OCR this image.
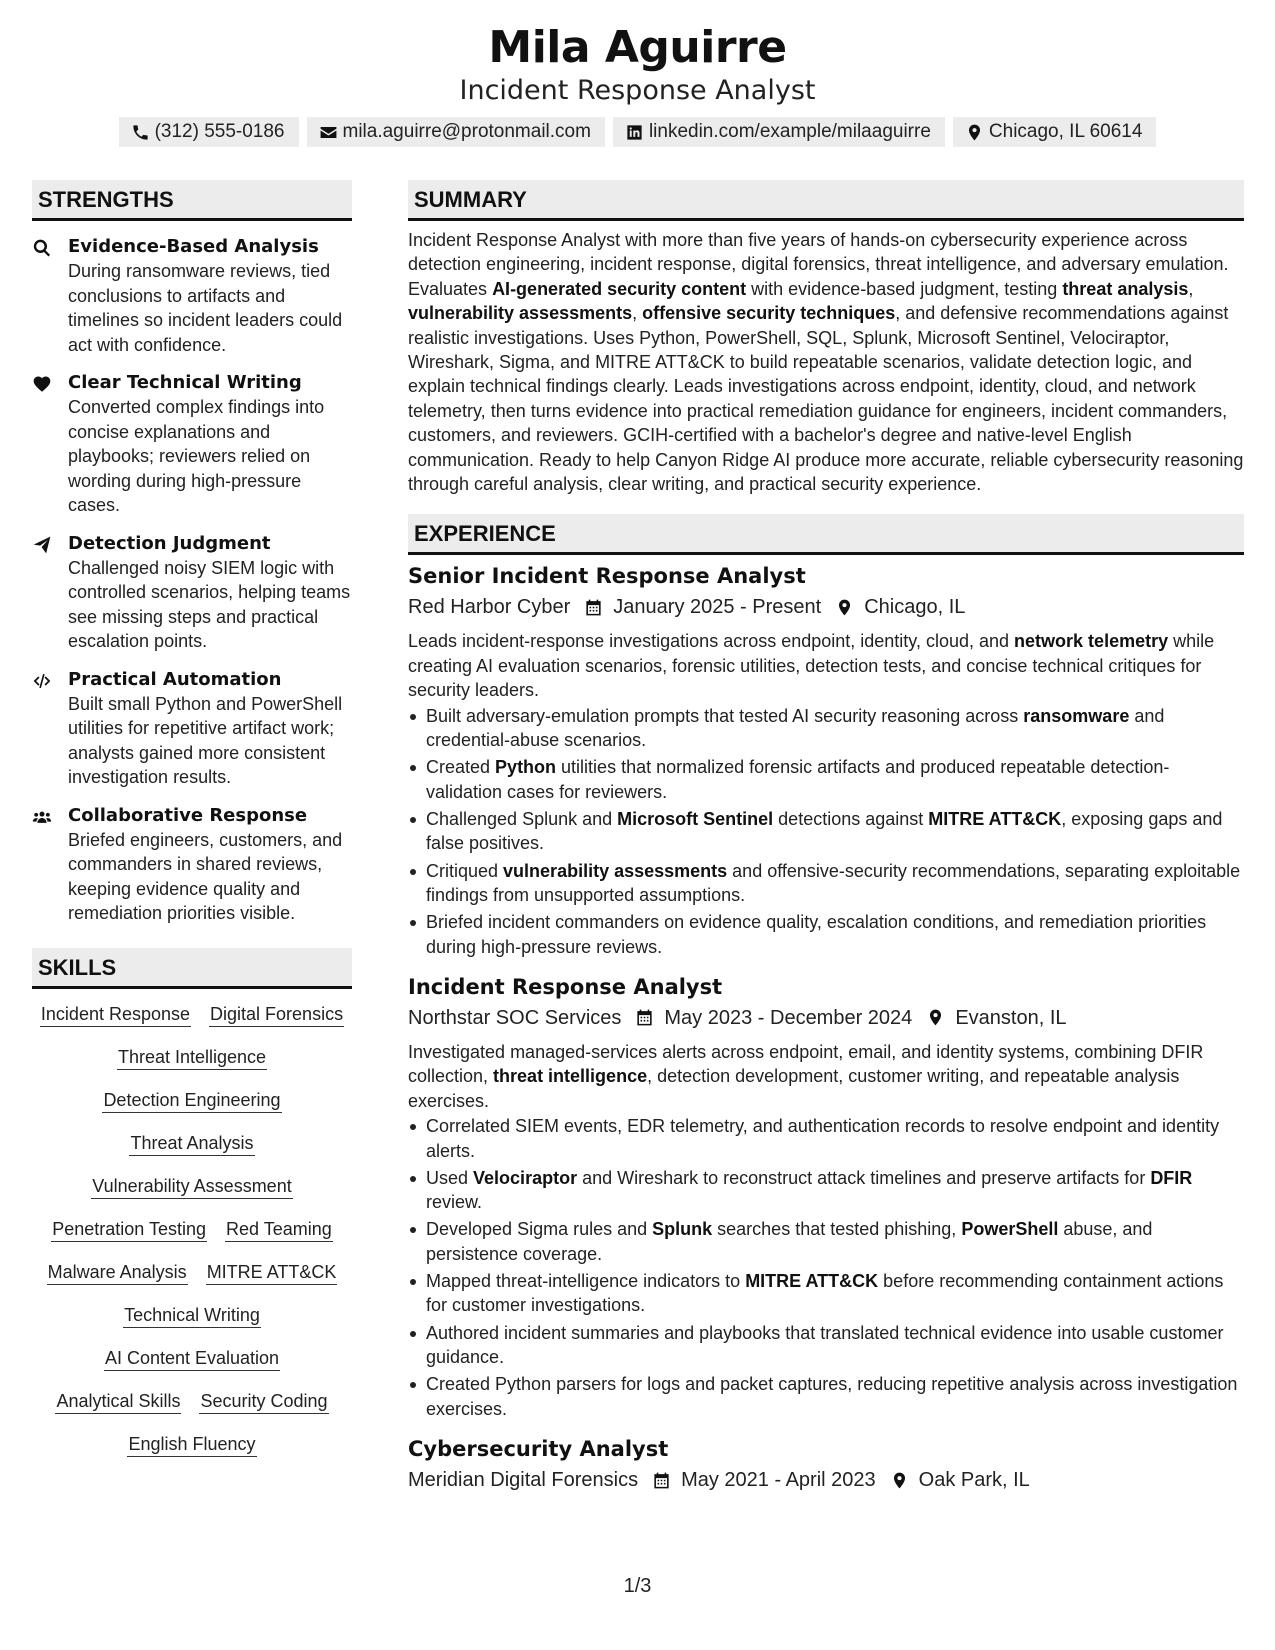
Mila Aguirre
Incident Response Analyst
(312) 555-0186	mila.aguirre@protonmail.com	linkedin.com/example/milaaguirre	Chicago, IL 60614
STRENGTHS
Evidence-Based Analysis
During ransomware reviews, tied conclusions to artifacts and timelines so incident leaders could act with confidence.
Clear Technical Writing
Converted complex findings into concise explanations and playbooks; reviewers relied on wording during high-pressure cases.
Detection Judgment
Challenged noisy SIEM logic with controlled scenarios, helping teams see missing steps and practical escalation points.
Practical Automation
Built small Python and PowerShell utilities for repetitive artifact work; analysts gained more consistent investigation results.
Collaborative Response
Briefed engineers, customers, and commanders in shared reviews, keeping evidence quality and remediation priorities visible.
SKILLS
Incident Response Digital Forensics
Threat Intelligence
Detection Engineering
Threat Analysis
Vulnerability Assessment
Penetration Testing Red Teaming
Malware Analysis MITRE ATT&CK
Technical Writing
AI Content Evaluation
Analytical Skills Security Coding
English Fluency
SUMMARY

Incident Response Analyst with more than five years of hands-on cybersecurity experience across detection engineering, incident response, digital forensics, threat intelligence, and adversary emulation. Evaluates AI-generated security content with evidence-based judgment, testing threat analysis, vulnerability assessments, offensive security techniques, and defensive recommendations against realistic investigations. Uses Python, PowerShell, SQL, Splunk, Microsoft Sentinel, Velociraptor, Wireshark, Sigma, and MITRE ATT&CK to build repeatable scenarios, validate detection logic, and explain technical findings clearly. Leads investigations across endpoint, identity, cloud, and network telemetry, then turns evidence into practical remediation guidance for engineers, incident commanders, customers, and reviewers. GCIH-certified with a bachelor's degree and native-level English communication. Ready to help Canyon Ridge AI produce more accurate, reliable cybersecurity reasoning through careful analysis, clear writing, and practical security experience.

EXPERIENCE
Senior Incident Response Analyst
Red Harbor Cyber January 2025 - Present Chicago, IL

Leads incident-response investigations across endpoint, identity, cloud, and network telemetry while creating AI evaluation scenarios, forensic utilities, detection tests, and concise technical critiques for security leaders.

Built adversary-emulation prompts that tested AI security reasoning across ransomware and credential-abuse scenarios.
Created Python utilities that normalized forensic artifacts and produced repeatable detection-validation cases for reviewers.
Challenged Splunk and Microsoft Sentinel detections against MITRE ATT&CK, exposing gaps and false positives.
Critiqued vulnerability assessments and offensive-security recommendations, separating exploitable findings from unsupported assumptions.
Briefed incident commanders on evidence quality, escalation conditions, and remediation priorities during high-pressure reviews.
Incident Response Analyst
Northstar SOC Services May 2023 - December 2024 Evanston, IL

Investigated managed-services alerts across endpoint, email, and identity systems, combining DFIR collection, threat intelligence, detection development, customer writing, and repeatable analysis exercises.

Correlated SIEM events, EDR telemetry, and authentication records to resolve endpoint and identity alerts.
Used Velociraptor and Wireshark to reconstruct attack timelines and preserve artifacts for DFIR review.
Developed Sigma rules and Splunk searches that tested phishing, PowerShell abuse, and persistence coverage.
Mapped threat-intelligence indicators to MITRE ATT&CK before recommending containment actions for customer investigations.
Authored incident summaries and playbooks that translated technical evidence into usable customer guidance.
Created Python parsers for logs and packet captures, reducing repetitive analysis across investigation exercises.
Cybersecurity Analyst
Meridian Digital Forensics May 2021 - April 2023 Oak Park, IL
1/3
